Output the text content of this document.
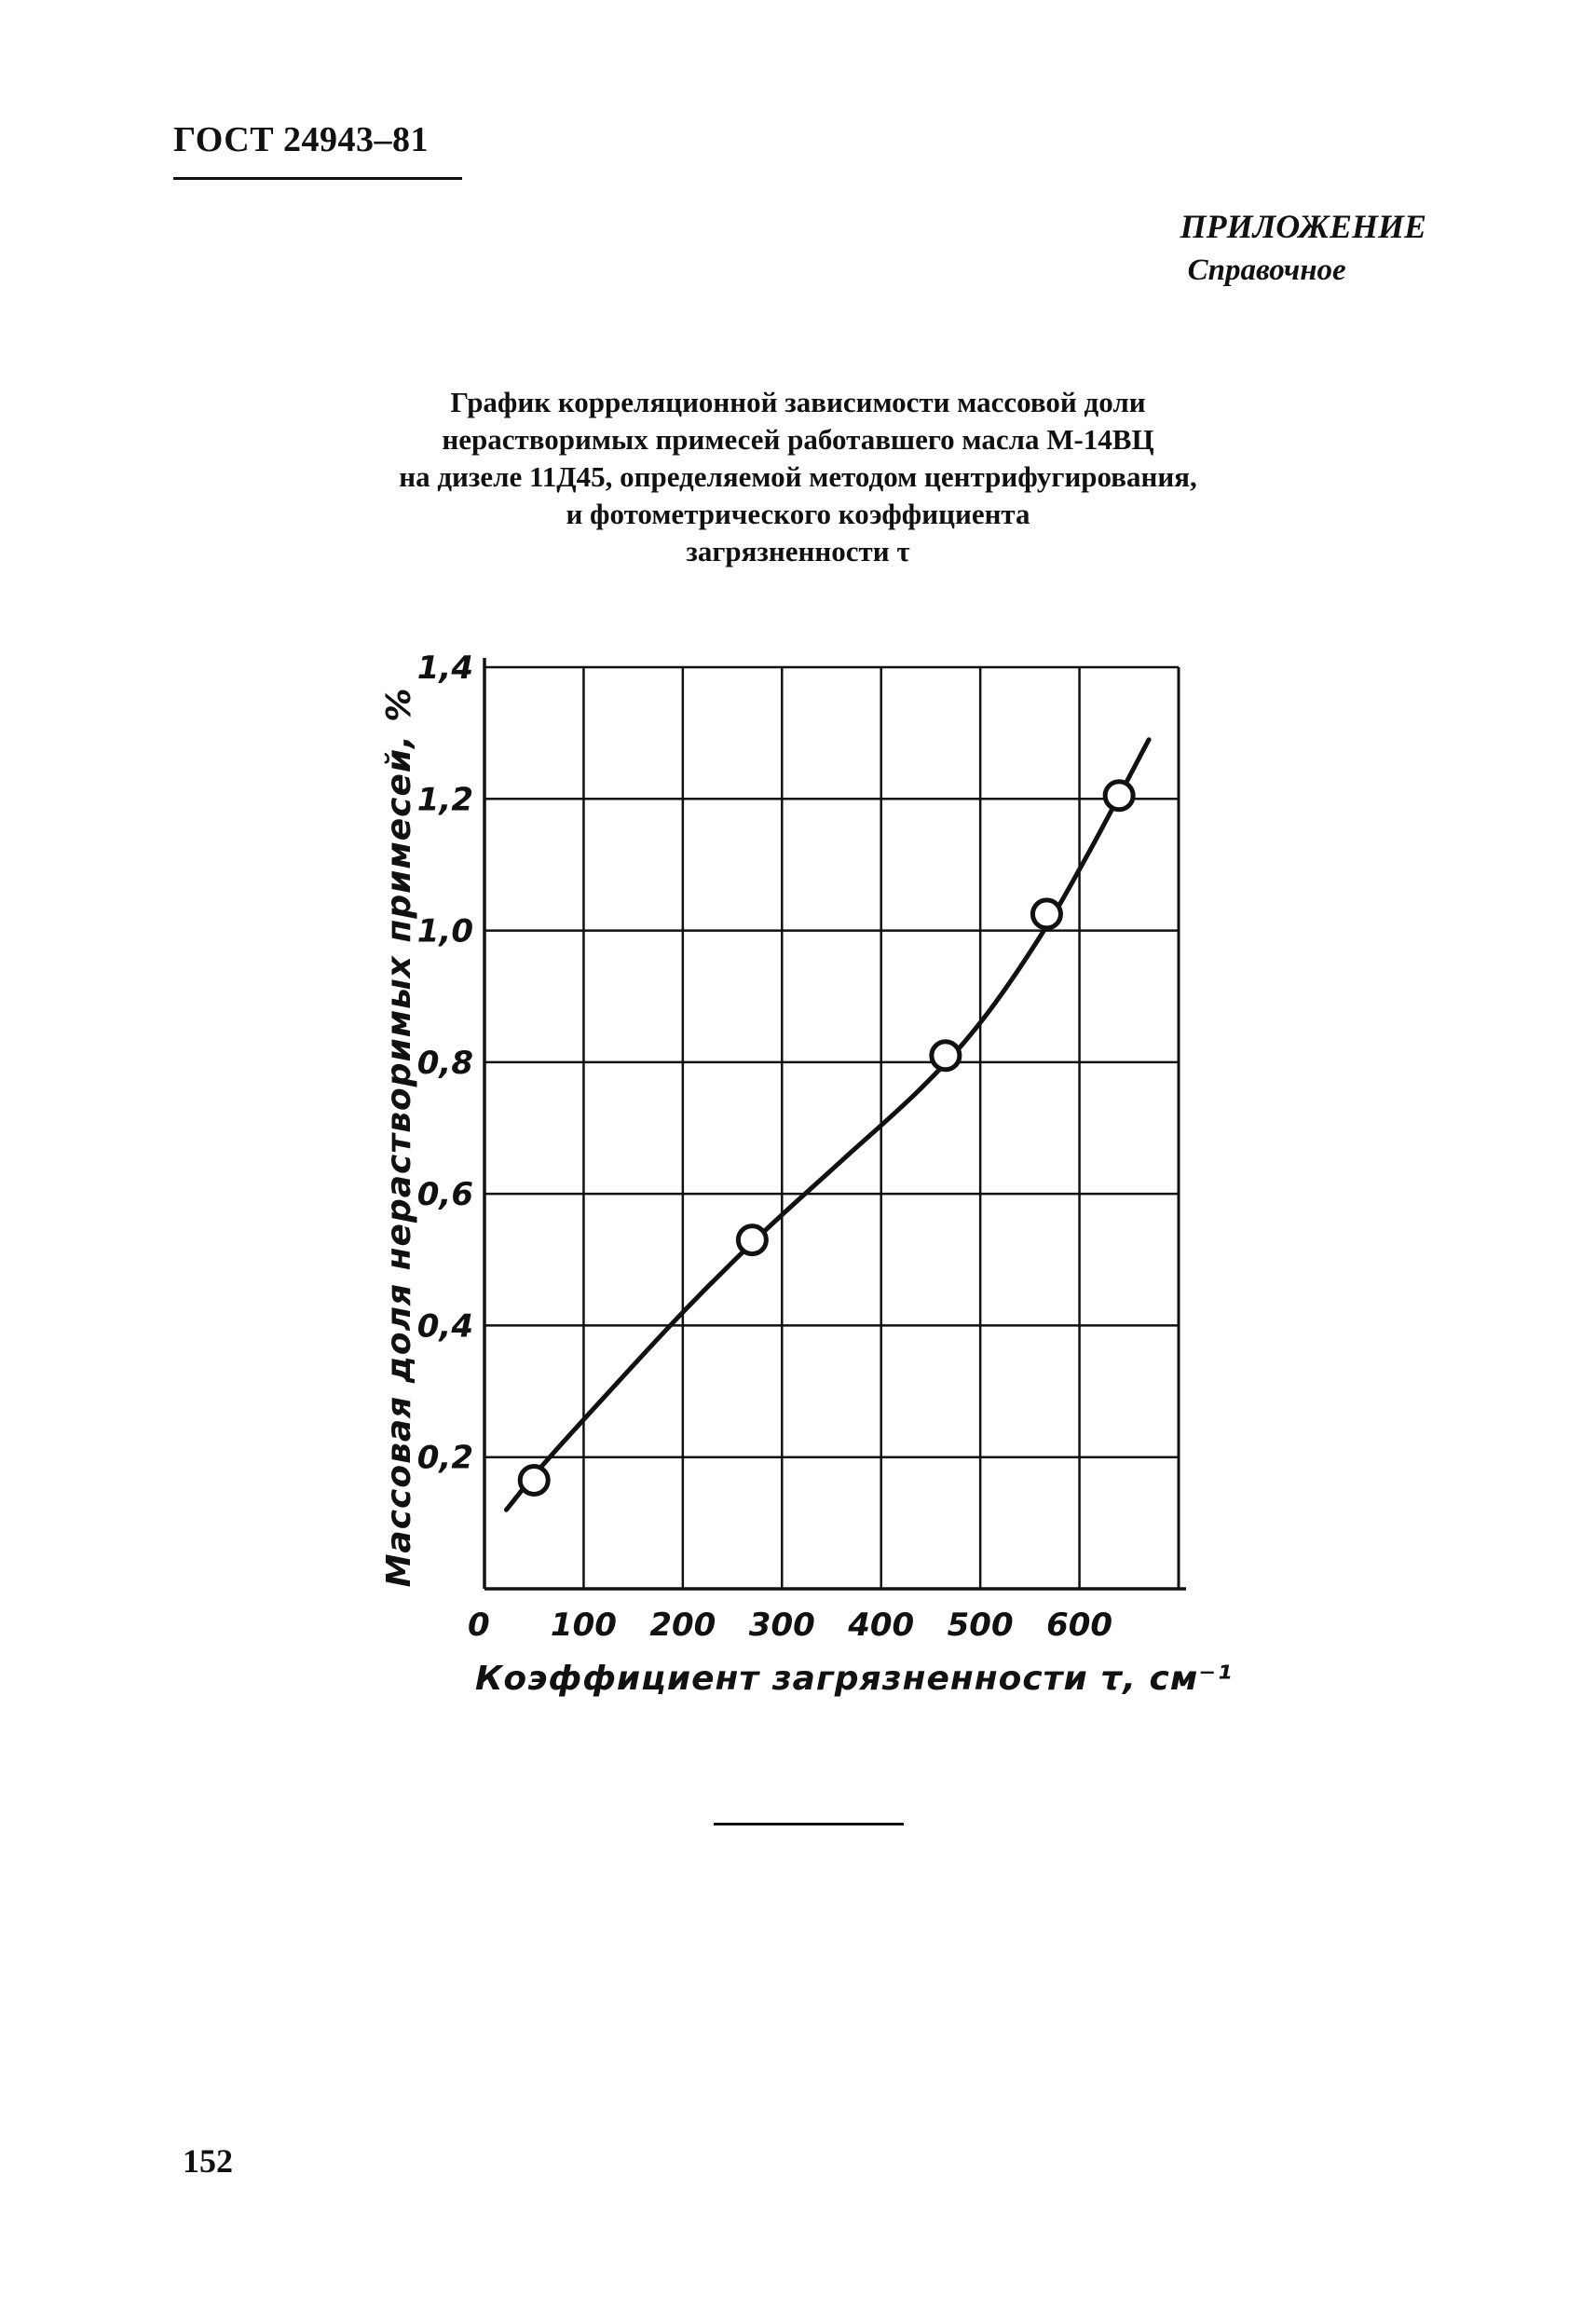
ГОСТ 24943–81
ПРИЛОЖЕНИЕ
Справочное
График корреляционной зависимости массовой доли
нерастворимых примесей работавшего масла М-14ВЦ
на дизеле 11Д45, определяемой методом центрифугирования,
и фотометрического коэффициента
загрязненности τ
0,2
0,4
0,6
0,8
1,0
1,2
1,4
0 100 200 300 400 500 600
Коэффициент загрязненности τ, см⁻¹
Массовая доля нерастворимых примесей, %
152
